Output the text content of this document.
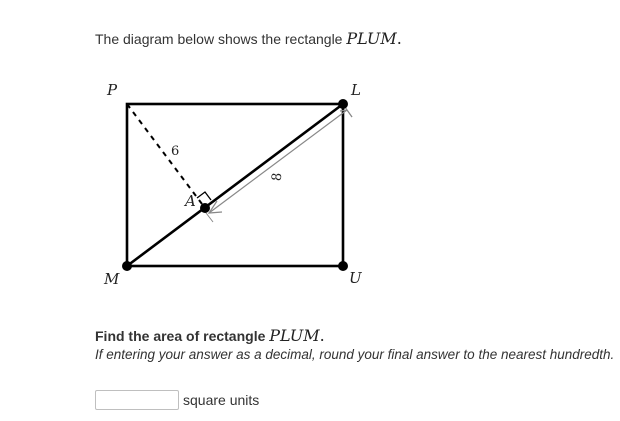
The diagram below shows the rectangle PLUM.
P	L
U
M
A
6
8
Find the area of rectangle PLUM.
If entering your answer as a decimal, round your final answer to the nearest hundredth.
square units
